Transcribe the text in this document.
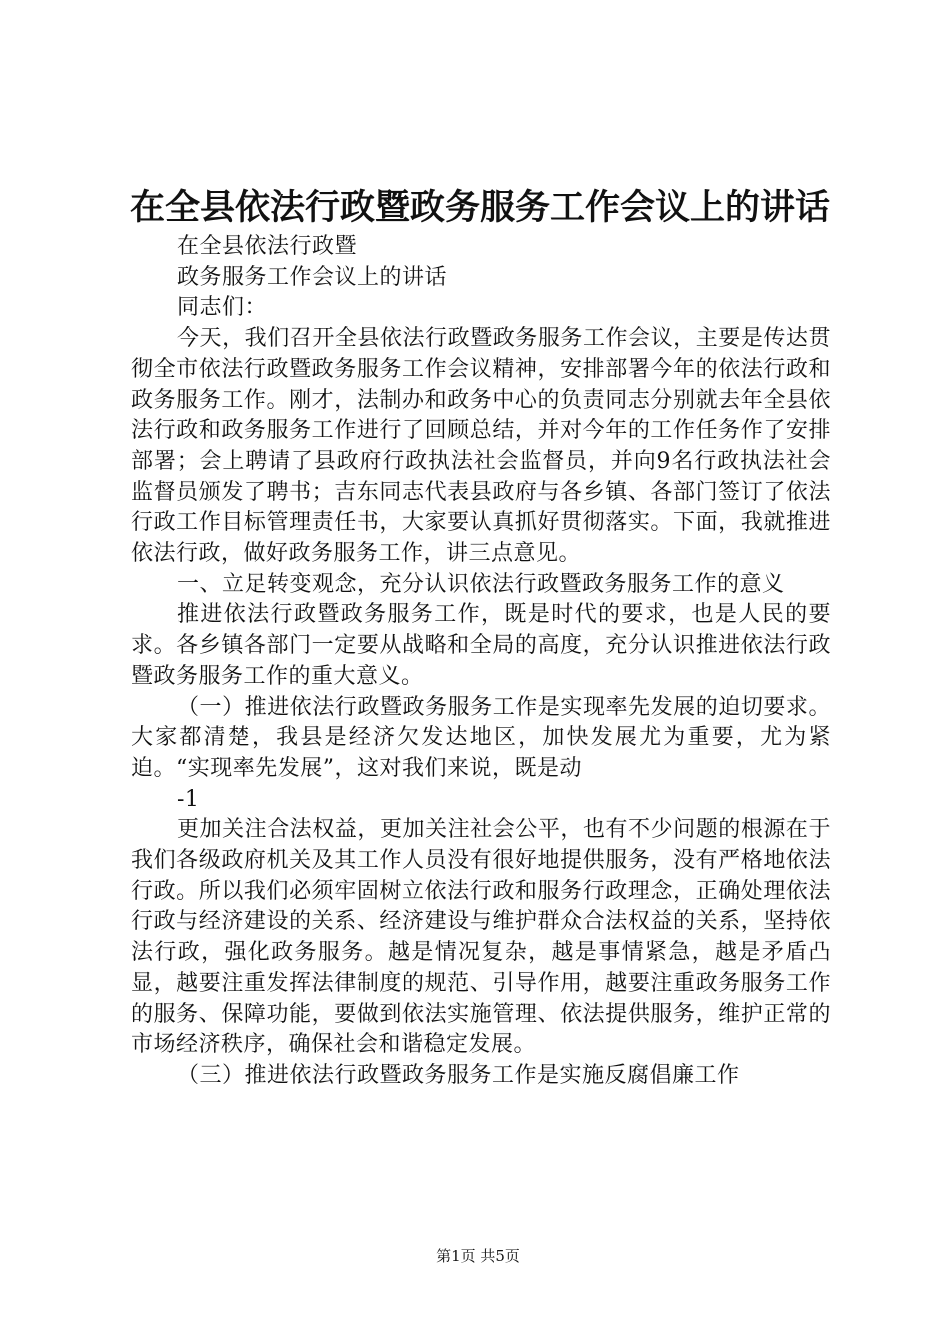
在全县依法行政暨政务服务工作会议上的讲话

在全县依法行政暨

政务服务工作会议上的讲话

同志们：

今天，我们召开全县依法行政暨政务服务工作会议，主要是传达贯彻全市依法行政暨政务服务工作会议精神，安排部署今年的依法行政和政务服务工作。刚才，法制办和政务中心的负责同志分别就去年全县依法行政和政务服务工作进行了回顾总结，并对今年的工作任务作了安排部署；会上聘请了县政府行政执法社会监督员，并向9名行政执法社会监督员颁发了聘书；吉东同志代表县政府与各乡镇、各部门签订了依法行政工作目标管理责任书，大家要认真抓好贯彻落实。下面，我就推进依法行政，做好政务服务工作，讲三点意见。

一、立足转变观念，充分认识依法行政暨政务服务工作的意义

推进依法行政暨政务服务工作，既是时代的要求，也是人民的要求。各乡镇各部门一定要从战略和全局的高度，充分认识推进依法行政暨政务服务工作的重大意义。

（一）推进依法行政暨政务服务工作是实现率先发展的迫切要求。大家都清楚，我县是经济欠发达地区，加快发展尤为重要，尤为紧迫。“实现率先发展”，这对我们来说，既是动

-1

更加关注合法权益，更加关注社会公平，也有不少问题的根源在于我们各级政府机关及其工作人员没有很好地提供服务，没有严格地依法行政。所以我们必须牢固树立依法行政和服务行政理念，正确处理依法行政与经济建设的关系、经济建设与维护群众合法权益的关系，坚持依法行政，强化政务服务。越是情况复杂，越是事情紧急，越是矛盾凸显，越要注重发挥法律制度的规范、引导作用，越要注重政务服务工作的服务、保障功能，要做到依法实施管理、依法提供服务，维护正常的市场经济秩序，确保社会和谐稳定发展。

（三）推进依法行政暨政务服务工作是实施反腐倡廉工作

第1页 共5页
